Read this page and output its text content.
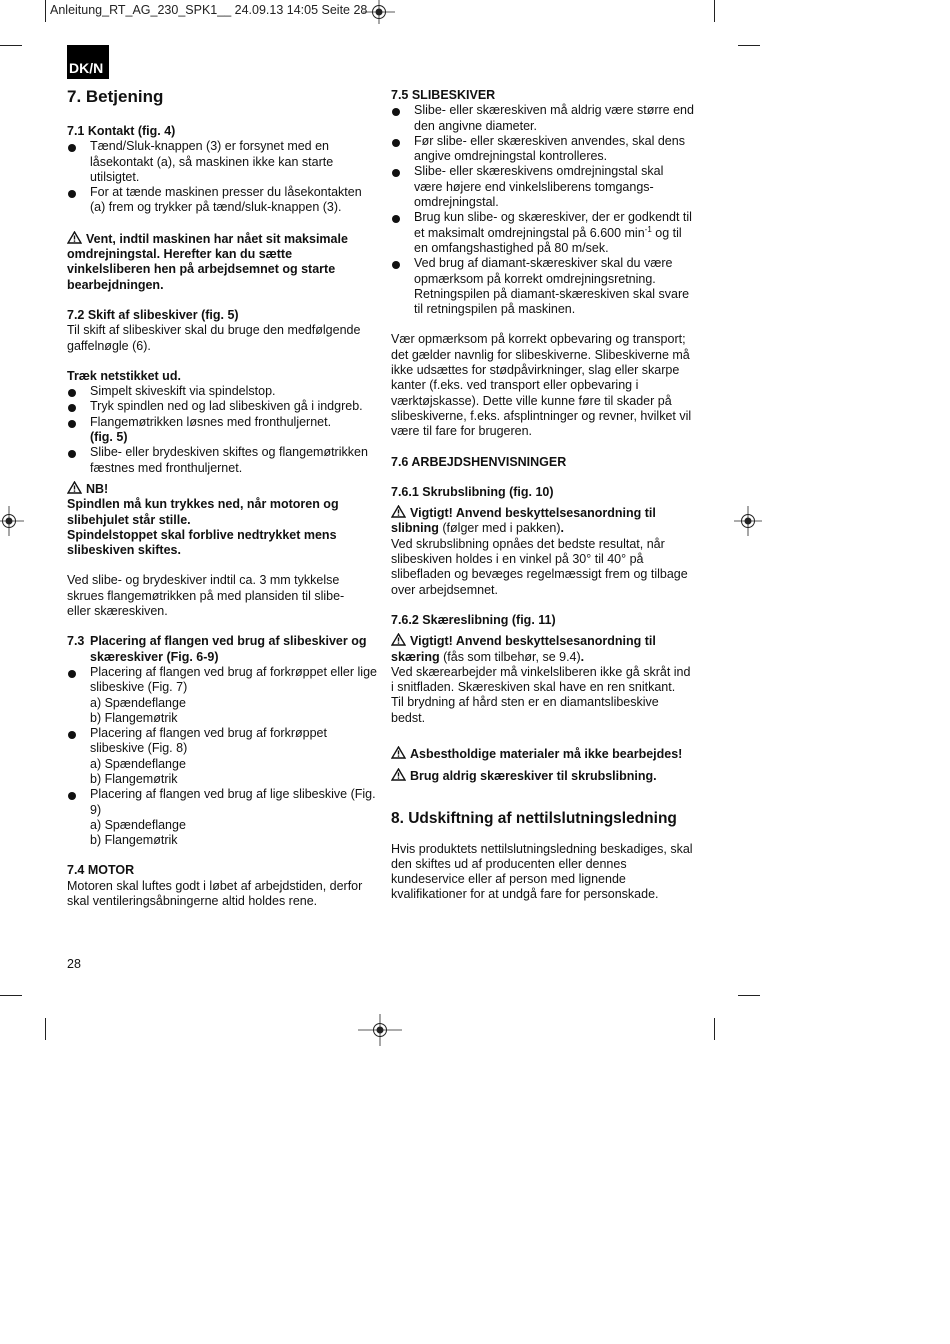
Anleitung_RT_AG_230_SPK1__ 24.09.13 14:05 Seite 28
DK/N

7. Betjening

7.1 Kontakt (fig. 4)

Tænd/Sluk-knappen (3) er forsynet med en låsekontakt (a), så maskinen ikke kan starte utilsigtet.
For at tænde maskinen presser du låsekontakten (a) frem og trykker på tænd/sluk-knappen (3).

Vent, indtil maskinen har nået sit maksimale omdrejningstal. Herefter kan du sætte vinkelsliberen hen på arbejdsemnet og starte bearbejdningen.

7.2 Skift af slibeskiver (fig. 5)

Til skift af slibeskiver skal du bruge den medfølgende gaffelnøgle (6).

Træk netstikket ud.

Simpelt skiveskift via spindelstop.
Tryk spindlen ned og lad slibeskiven gå i indgreb.
Flangemøtrikken løsnes med fronthuljernet.
(fig. 5)
Slibe- eller brydeskiven skiftes og flangemøtrikken fæstnes med fronthuljernet.

NB!

Spindlen må kun trykkes ned, når motoren og slibehjulet står stille.

Spindelstoppet skal forblive nedtrykket mens slibeskiven skiftes.

Ved slibe- og brydeskiver indtil ca. 3 mm tykkelse skrues flangemøtrikken på med plansiden til slibe- eller skæreskiven.

7.3 Placering af flangen ved brug af slibeskiver og skæreskiver (Fig. 6-9)
Placering af flangen ved brug af forkrøppet eller lige slibeskive (Fig. 7)
a) Spændeflange
b) Flangemøtrik
Placering af flangen ved brug af forkrøppet slibeskive (Fig. 8)
a) Spændeflange
b) Flangemøtrik
Placering af flangen ved brug af lige slibeskive (Fig. 9)
a) Spændeflange
b) Flangemøtrik

7.4 MOTOR

Motoren skal luftes godt i løbet af arbejdstiden, derfor skal ventileringsåbningerne altid holdes rene.

7.5 SLIBESKIVER

Slibe- eller skæreskiven må aldrig være større end den angivne diameter.
Før slibe- eller skæreskiven anvendes, skal dens angive omdrejningstal kontrolleres.
Slibe- eller skæreskivens omdrejningstal skal være højere end vinkelsliberens tomgangs-omdrejningstal.
Brug kun slibe- og skæreskiver, der er godkendt til et maksimalt omdrejningstal på 6.600 $\min^{-1}$ og til en omfangshastighed på 80 m/sek.
Ved brug af diamant-skæreskiver skal du være opmærksom på korrekt omdrejningsretning. Retningspilen på diamant-skæreskiven skal svare til retningspilen på maskinen.

Vær opmærksom på korrekt opbevaring og transport; det gælder navnlig for slibeskiverne. Slibeskiverne må ikke udsættes for stødpåvirkninger, slag eller skarpe kanter (f.eks. ved transport eller opbevaring i værktøjskasse). Dette ville kunne føre til skader på slibeskiverne, f.eks. afsplintninger og revner, hvilket vil være til fare for brugeren.

7.6 ARBEJDSHENVISNINGER

7.6.1 Skrubslibning (fig. 10)

Vigtigt! Anvend beskyttelsesanordning til slibning (følger med i pakken).

Ved skrubslibning opnåes det bedste resultat, når slibeskiven holdes i en vinkel på 30° til 40° på slibefladen og bevæges regelmæssigt frem og tilbage over arbejdsemnet.

7.6.2 Skæreslibning (fig. 11)

Vigtigt! Anvend beskyttelsesanordning til skæring (fås som tilbehør, se 9.4).

Ved skærearbejder må vinkelsliberen ikke gå skråt ind i snitfladen. Skæreskiven skal have en ren snitkant.

Til brydning af hård sten er en diamantslibeskive bedst.

Asbestholdige materialer må ikke bearbejdes!

Brug aldrig skæreskiver til skrubslibning.

8. Udskiftning af nettilslutningsledning

Hvis produktets nettilslutningsledning beskadiges, skal den skiftes ud af producenten eller dennes kundeservice eller af person med lignende kvalifikationer for at undgå fare for personskade.

28
